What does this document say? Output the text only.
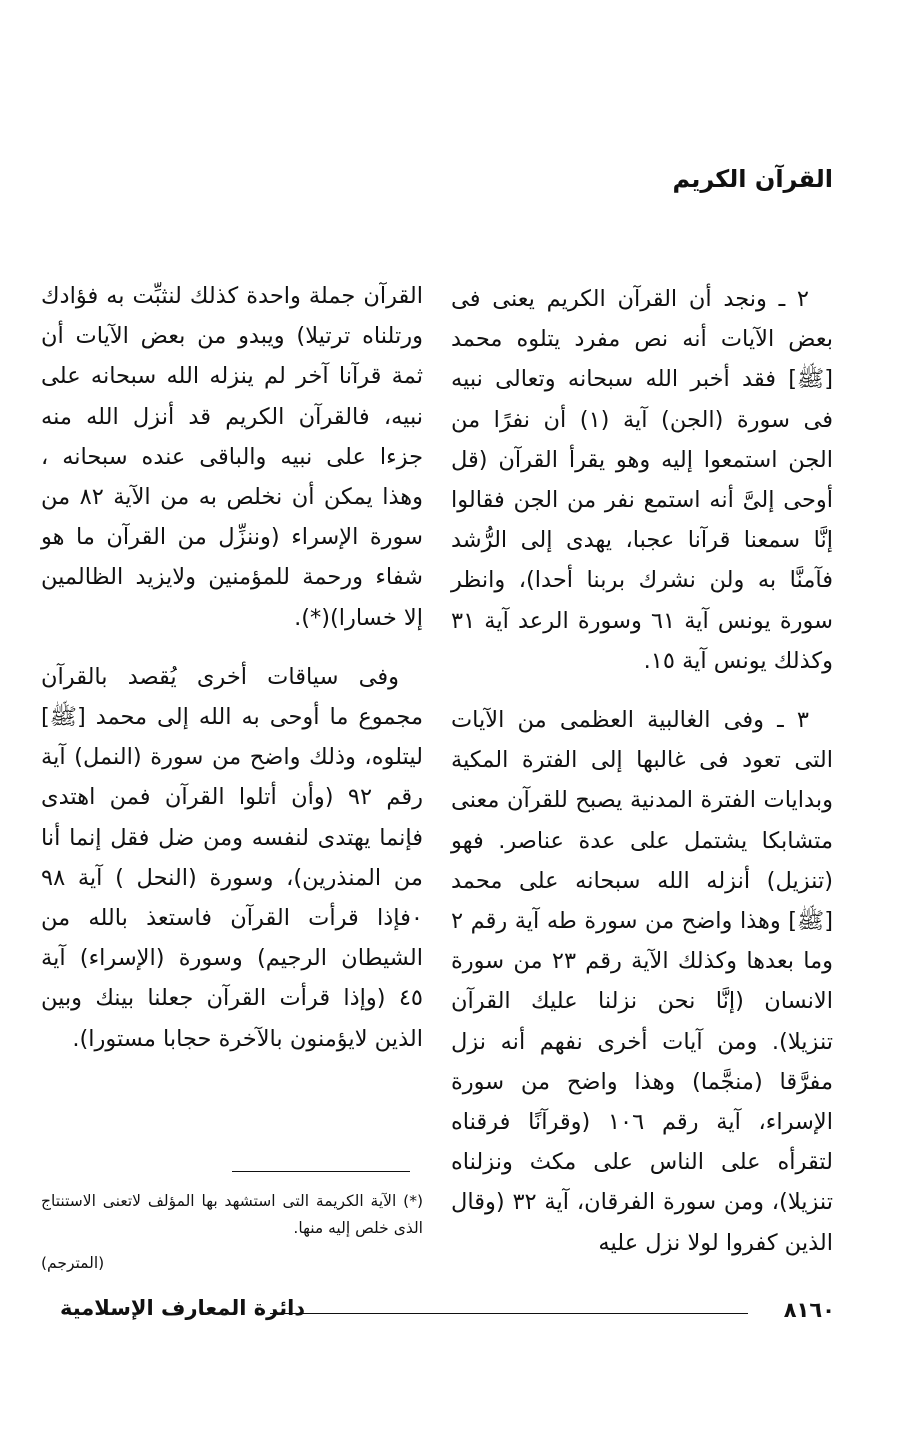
القرآن الكريم

٢ ـ ونجد أن القرآن الكريم يعنى فى بعض الآيات أنه نص مفرد يتلوه محمد [ﷺ] فقد أخبر الله سبحانه وتعالى نبيه فى سورة (الجن) آية (١) أن نفرًا من الجن استمعوا إليه وهو يقرأ القرآن (قل أوحى إلىَّ أنه استمع نفر من الجن فقالوا إنَّا سمعنا قرآنا عجبا، يهدى إلى الرُّشد فآمنَّا به ولن نشرك بربنا أحدا)، وانظر سورة يونس آية ٦١ وسورة الرعد آية ٣١ وكذلك يونس آية ١٥.

٣ ـ وفى الغالبية العظمى من الآيات التى تعود فى غالبها إلى الفترة المكية وبدايات الفترة المدنية يصبح للقرآن معنى متشابكا يشتمل على عدة عناصر. فهو (تنزيل) أنزله الله سبحانه على محمد [ﷺ] وهذا واضح من سورة طه آية رقم ٢ وما بعدها وكذلك الآية رقم ٢٣ من سورة الانسان (إنَّا نحن نزلنا عليك القرآن تنزيلا). ومن آيات أخرى نفهم أنه نزل مفرَّقا (منجَّما) وهذا واضح من سورة الإسراء، آية رقم ١٠٦ (وقرآنًا فرقناه لتقرأه على الناس على مكث ونزلناه تنزيلا)، ومن سورة الفرقان، آية ٣٢ (وقال الذين كفروا لولا نزل عليه

القرآن جملة واحدة كذلك لنثبِّت به فؤادك ورتلناه ترتيلا) ويبدو من بعض الآيات أن ثمة قرآنا آخر لم ينزله الله سبحانه على نبيه، فالقرآن الكريم قد أنزل الله منه جزءا على نبيه والباقى عنده سبحانه ، وهذا يمكن أن نخلص به من الآية ٨٢ من سورة الإسراء (وننزِّل من القرآن ما هو شفاء ورحمة للمؤمنين ولايزيد الظالمين إلا خسارا)(*).

وفى سياقات أخرى يُقصد بالقرآن مجموع ما أوحى به الله إلى محمد [ﷺ] ليتلوه، وذلك واضح من سورة (النمل) آية رقم ٩٢ (وأن أتلوا القرآن فمن اهتدى فإنما يهتدى لنفسه ومن ضل فقل إنما أنا من المنذرين)، وسورة (النحل ) آية ٩٨ ٠فإذا قرأت القرآن فاستعذ بالله من الشيطان الرجيم) وسورة (الإسراء) آية ٤٥ (وإذا قرأت القرآن جعلنا بينك وبين الذين لايؤمنون بالآخرة حجابا مستورا).

(*) الآية الكريمة التى استشهد بها المؤلف لاتعنى الاستنتاج الذى خلص إليه منها.

(المترجم)

دائرة المعارف الإسلامية	٨١٦٠
